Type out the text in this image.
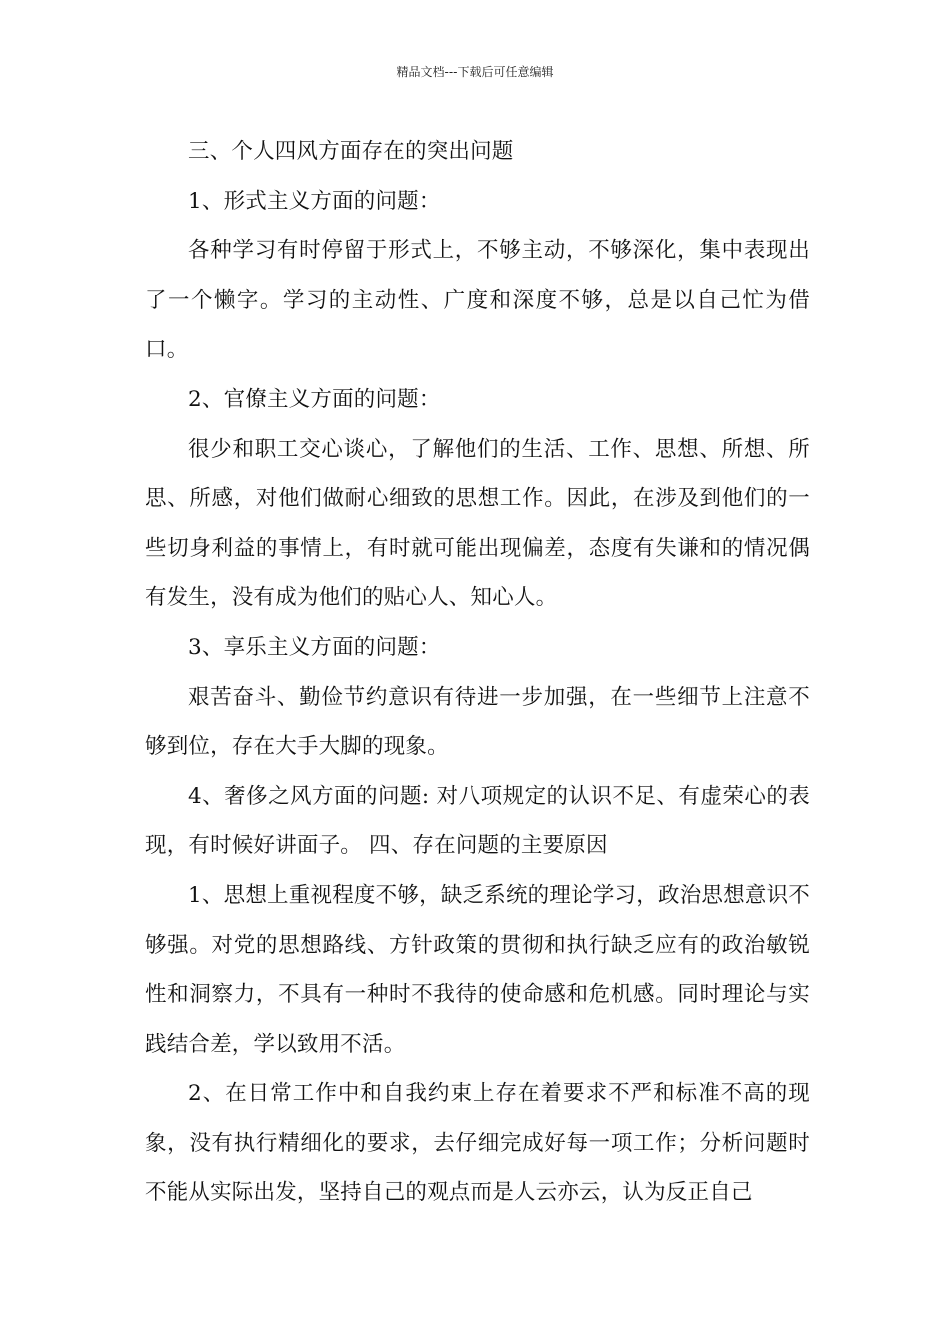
精品文档---下载后可任意编辑

三、个人四风方面存在的突出问题

1、形式主义方面的问题：

各种学习有时停留于形式上，不够主动，不够深化，集中表现出了一个懒字。学习的主动性、广度和深度不够，总是以自己忙为借口。

2、官僚主义方面的问题：

很少和职工交心谈心，了解他们的生活、工作、思想、所想、所思、所感，对他们做耐心细致的思想工作。因此，在涉及到他们的一些切身利益的事情上，有时就可能出现偏差，态度有失谦和的情况偶有发生，没有成为他们的贴心人、知心人。

3、享乐主义方面的问题：

艰苦奋斗、勤俭节约意识有待进一步加强，在一些细节上注意不够到位，存在大手大脚的现象。

4、奢侈之风方面的问题: 对八项规定的认识不足、有虚荣心的表现，有时候好讲面子。 四、存在问题的主要原因

1、思想上重视程度不够，缺乏系统的理论学习，政治思想意识不够强。对党的思想路线、方针政策的贯彻和执行缺乏应有的政治敏锐性和洞察力，不具有一种时不我待的使命感和危机感。同时理论与实践结合差，学以致用不活。

2、在日常工作中和自我约束上存在着要求不严和标准不高的现象，没有执行精细化的要求，去仔细完成好每一项工作；分析问题时不能从实际出发，坚持自己的观点而是人云亦云，认为反正自己
